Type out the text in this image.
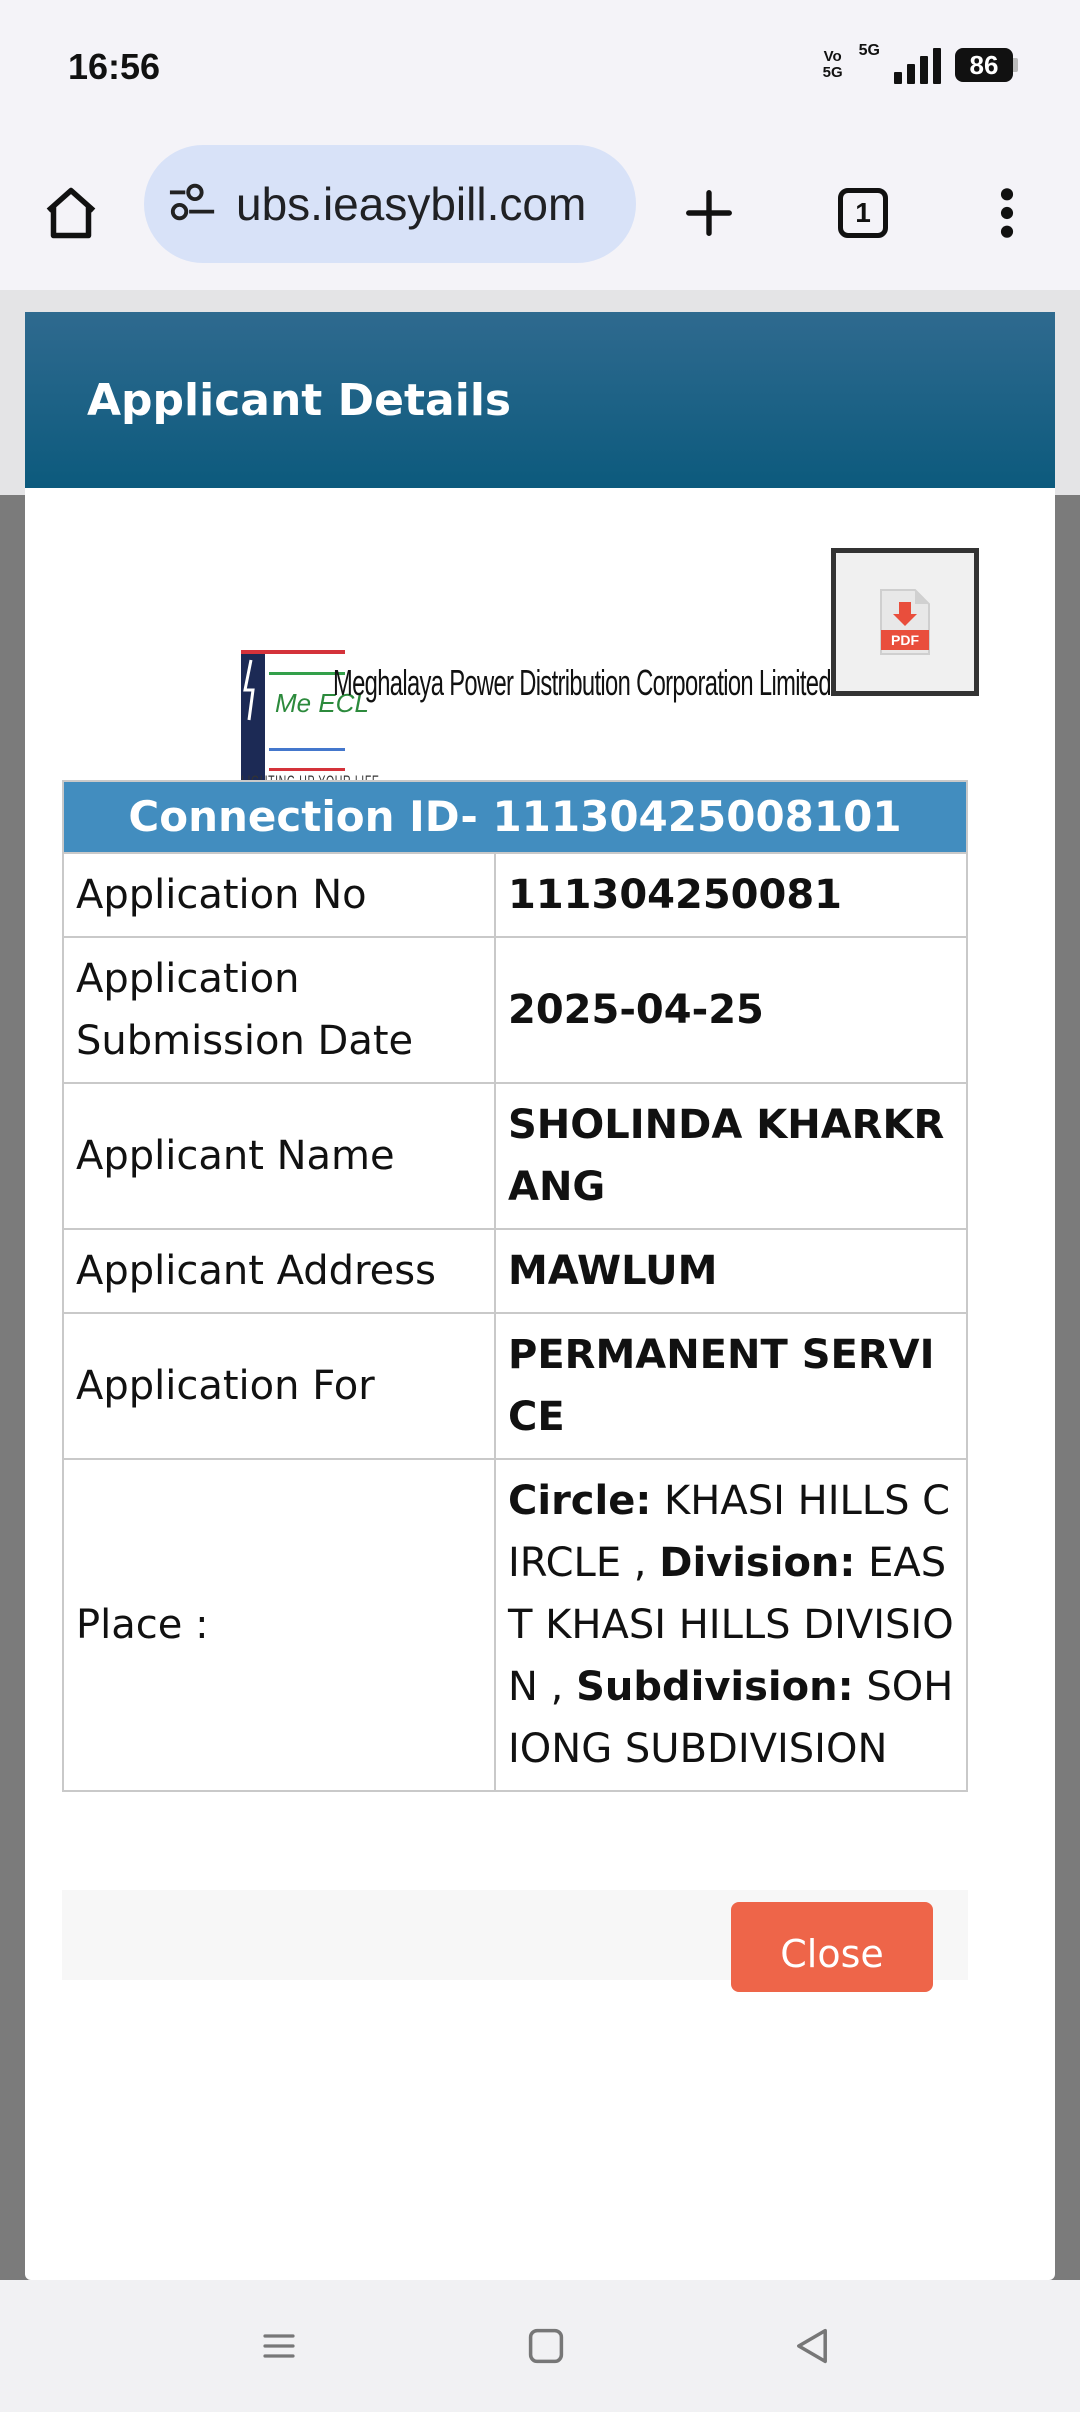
16:56	Vo 5G
5G	86
1
ubs.ieasybill.com
Applicant Details
Me ECL
Meghalaya Power Distribution Corporation Limited
PDF
Connection ID- 11130425008101	
Application No	111304250081
Application Submission Date	2025-04-25
Applicant Name	SHOLINDA KHARKRANG
Applicant Address	MAWLUM
Application For	PERMANENT SERVICE
Place :	Circle: KHASI HILLS CIRCLE , Division: EAST KHASI HILLS DIVISION , Subdivision: SOHIONG SUBDIVISION
Close
